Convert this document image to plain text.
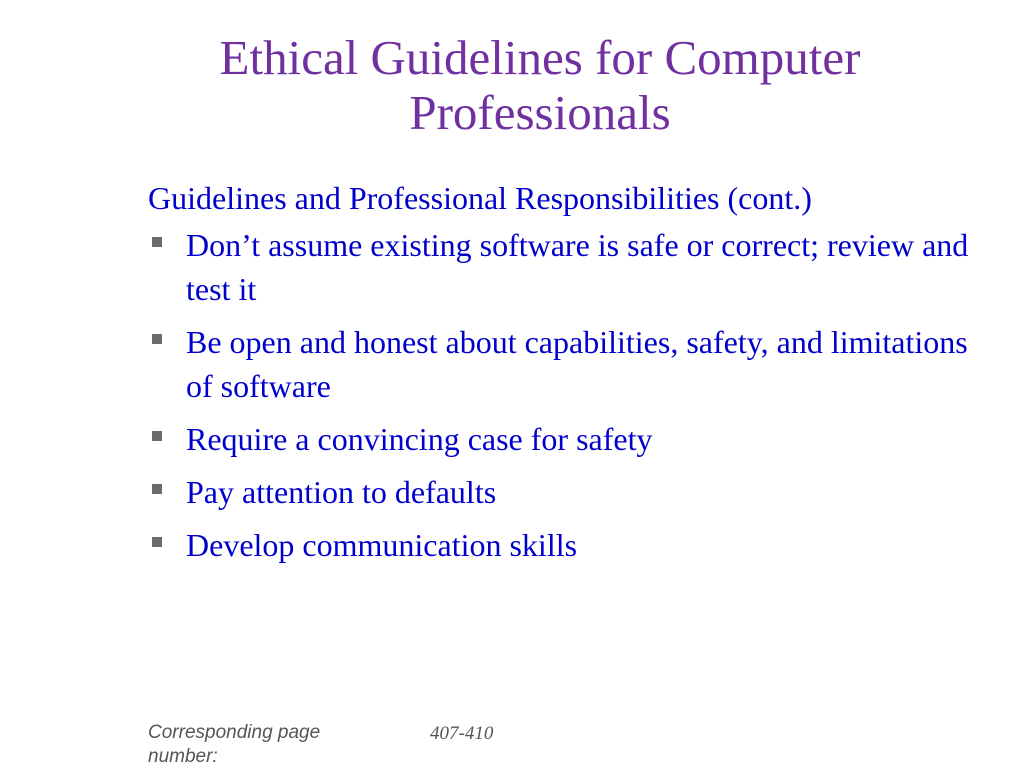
Ethical Guidelines for Computer
Professionals

Guidelines and Professional Responsibilities (cont.)

Don’t assume existing software is safe or correct; review and test it
Be open and honest about capabilities, safety, and limitations of software
Require a convincing case for safety
Pay attention to defaults
Develop communication skills
Corresponding page number:
407-410
